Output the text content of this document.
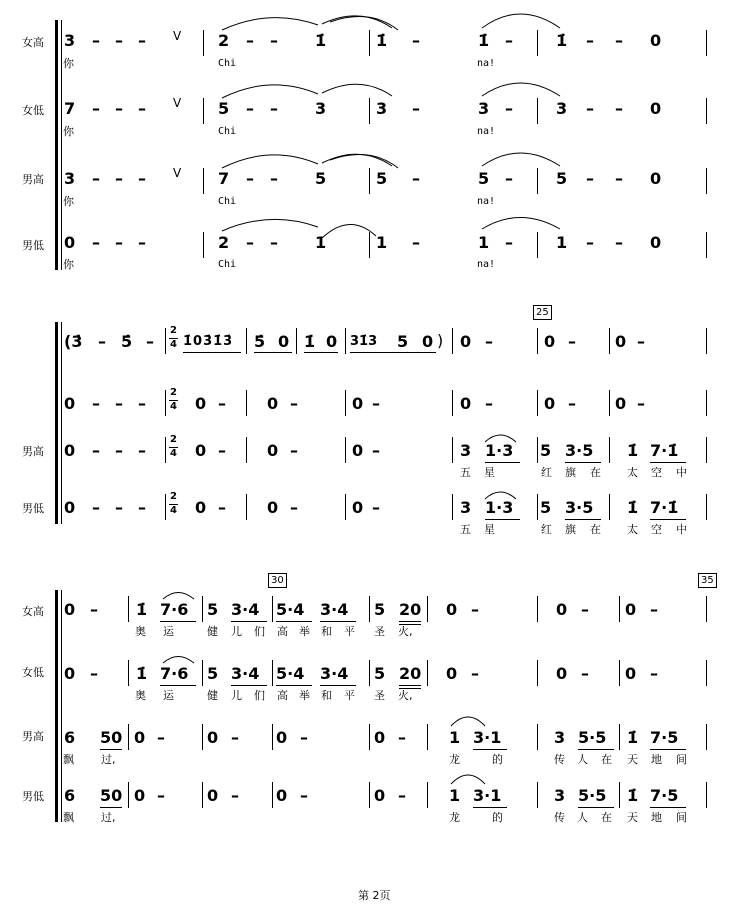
女高
女低
男高
男低
3 – – – V 2 – – 1̇	1̇ –	1̇ –	1̇ – – 0
你	Chi	na!
7 – – – V 5 – – 3	3 –	3 –	3 – – 0
你	Chi	na!
3 – – – V 7 – – 5	5 –	5 –	5 – – 0
你	Chi	na!
0 – – –	2 – – 1	1 –	1 –	1 – – 0
你	Chi	na!
25
男高
男低
(3̇ – 5̇ –
2
4 1̇03̇1̇3̇ 5̇ 0 1̇ 0 31̇3 5 0 ) 0 –	0 – 0 –
0 – – –
2
4 0 –	0 –	0 –	0 –	0 – 0 –
0 – – –
2
4 0 –	0 –	0 –	3 1·3 5 3·5 1̇ 7·1̇
五 星	红 旗 在 太 空 中
0 – – –
2
4 0 –	0 –	0 –	3 1·3 5 3·5 1̇ 7·1̇
五 星	红 旗 在 太 空 中
30	35
女高
女低
男高
男低
0 – 1̇ 7·6 5 3·4 5·4 3·4 5 20 0 –	0 – 0 –
奥 运	健 儿 们 高 举 和 平 圣 火,
0 – 1̇ 7·6 5 3·4 5·4 3·4 5 20 0 –	0 – 0 –
奥 运	健 儿 们 高 举 和 平 圣 火,
6 50 0 –	0 – 0 –	0 –	1 3·1	3 5·5 1̇ 7·5
飘 过,	龙	的	传 人 在 天 地 间
6 50 0 –	0 – 0 –	0 –	1 3·1	3 5·5 1̇ 7·5
飘 过,	龙	的	传 人 在 天 地 间
第 2页
